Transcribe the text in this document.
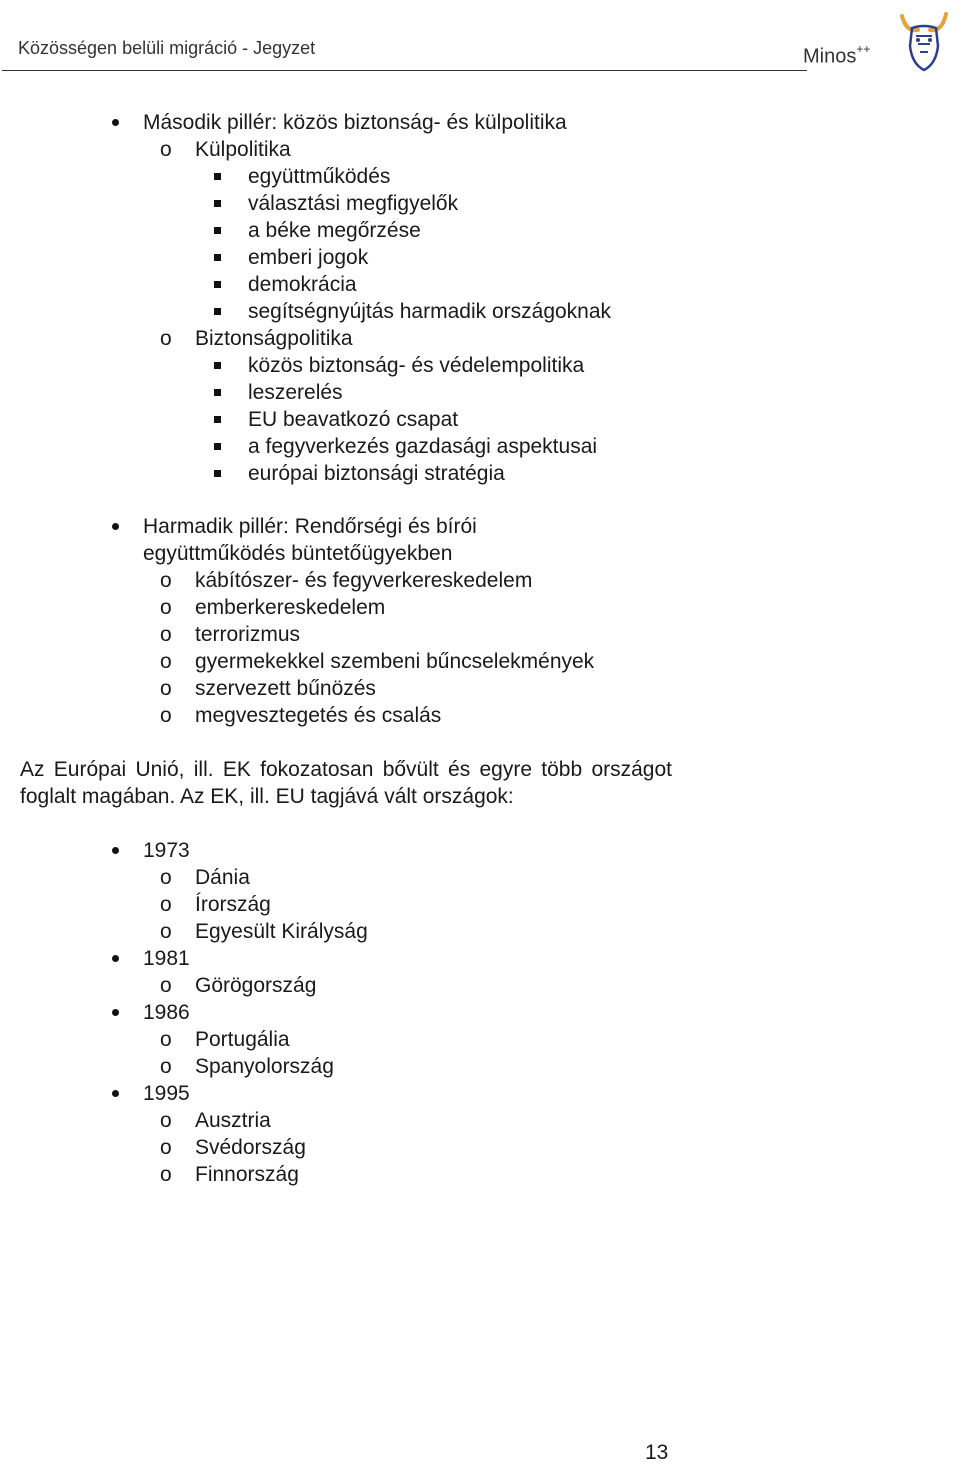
Közösségen belüli migráció - Jegyzet	Minos++
Második pillér: közös biztonság- és külpolitika
o Külpolitika
együttműködés
választási megfigyelők
a béke megőrzése
emberi jogok
demokrácia
segítségnyújtás harmadik országoknak
o Biztonságpolitika
közös biztonság- és védelempolitika
leszerelés
EU beavatkozó csapat
a fegyverkezés gazdasági aspektusai
európai biztonsági stratégia
Harmadik pillér: Rendőrségi és bírói
együttműködés büntetőügyekben
o kábítószer- és fegyverkereskedelem
o emberkereskedelem
o terrorizmus
o gyermekekkel szembeni bűncselekmények
o szervezett bűnözés
o megvesztegetés és csalás
1973
o Dánia
o Írország
o Egyesült Királyság
1981
o Görögország
1986
o Portugália
o Spanyolország
1995
o Ausztria
o Svédország
o Finnország
Az Európai Unió, ill. EK fokozatosan bővült és egyre több országot foglalt magában. Az EK, ill. EU tagjává vált országok:
13
